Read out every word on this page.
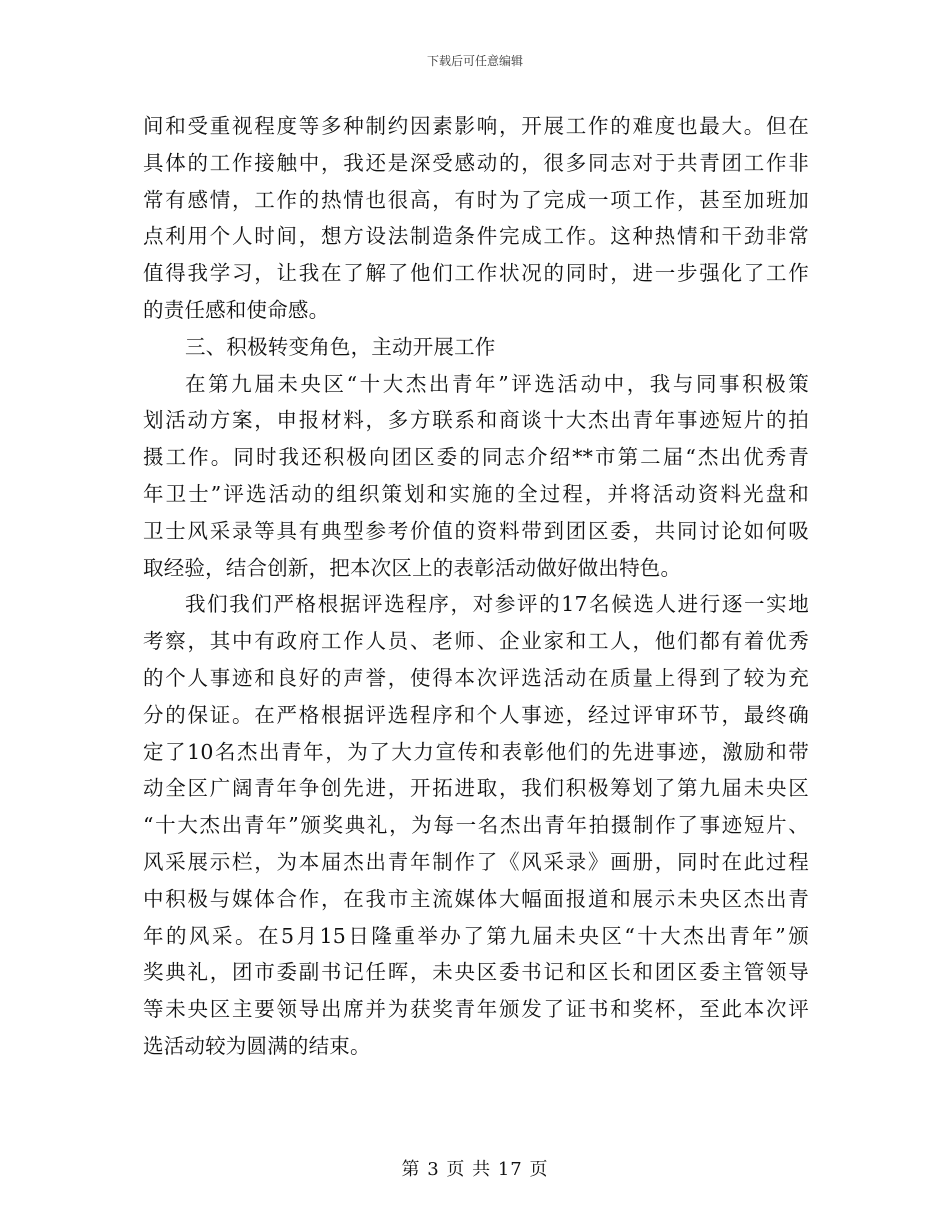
下载后可任意编辑
间和受重视程度等多种制约因素影响，开展工作的难度也最大。但在
具体的工作接触中，我还是深受感动的，很多同志对于共青团工作非
常有感情，工作的热情也很高，有时为了完成一项工作，甚至加班加
点利用个人时间，想方设法制造条件完成工作。这种热情和干劲非常
值得我学习，让我在了解了他们工作状况的同时，进一步强化了工作
的责任感和使命感。
三、积极转变角色，主动开展工作
在第九届未央区“十大杰出青年”评选活动中，我与同事积极策
划活动方案，申报材料，多方联系和商谈十大杰出青年事迹短片的拍
摄工作。同时我还积极向团区委的同志介绍**市第二届“杰出优秀青
年卫士”评选活动的组织策划和实施的全过程，并将活动资料光盘和
卫士风采录等具有典型参考价值的资料带到团区委，共同讨论如何吸
取经验，结合创新，把本次区上的表彰活动做好做出特色。
我们我们严格根据评选程序，对参评的17名候选人进行逐一实地
考察，其中有政府工作人员、老师、企业家和工人，他们都有着优秀
的个人事迹和良好的声誉，使得本次评选活动在质量上得到了较为充
分的保证。在严格根据评选程序和个人事迹，经过评审环节，最终确
定了10名杰出青年，为了大力宣传和表彰他们的先进事迹，激励和带
动全区广阔青年争创先进，开拓进取，我们积极筹划了第九届未央区
“十大杰出青年”颁奖典礼，为每一名杰出青年拍摄制作了事迹短片、
风采展示栏，为本届杰出青年制作了《风采录》画册，同时在此过程
中积极与媒体合作，在我市主流媒体大幅面报道和展示未央区杰出青
年的风采。在5月15日隆重举办了第九届未央区“十大杰出青年”颁
奖典礼，团市委副书记任晖，未央区委书记和区长和团区委主管领导
等未央区主要领导出席并为获奖青年颁发了证书和奖杯，至此本次评
选活动较为圆满的结束。
第 3 页 共 17 页
